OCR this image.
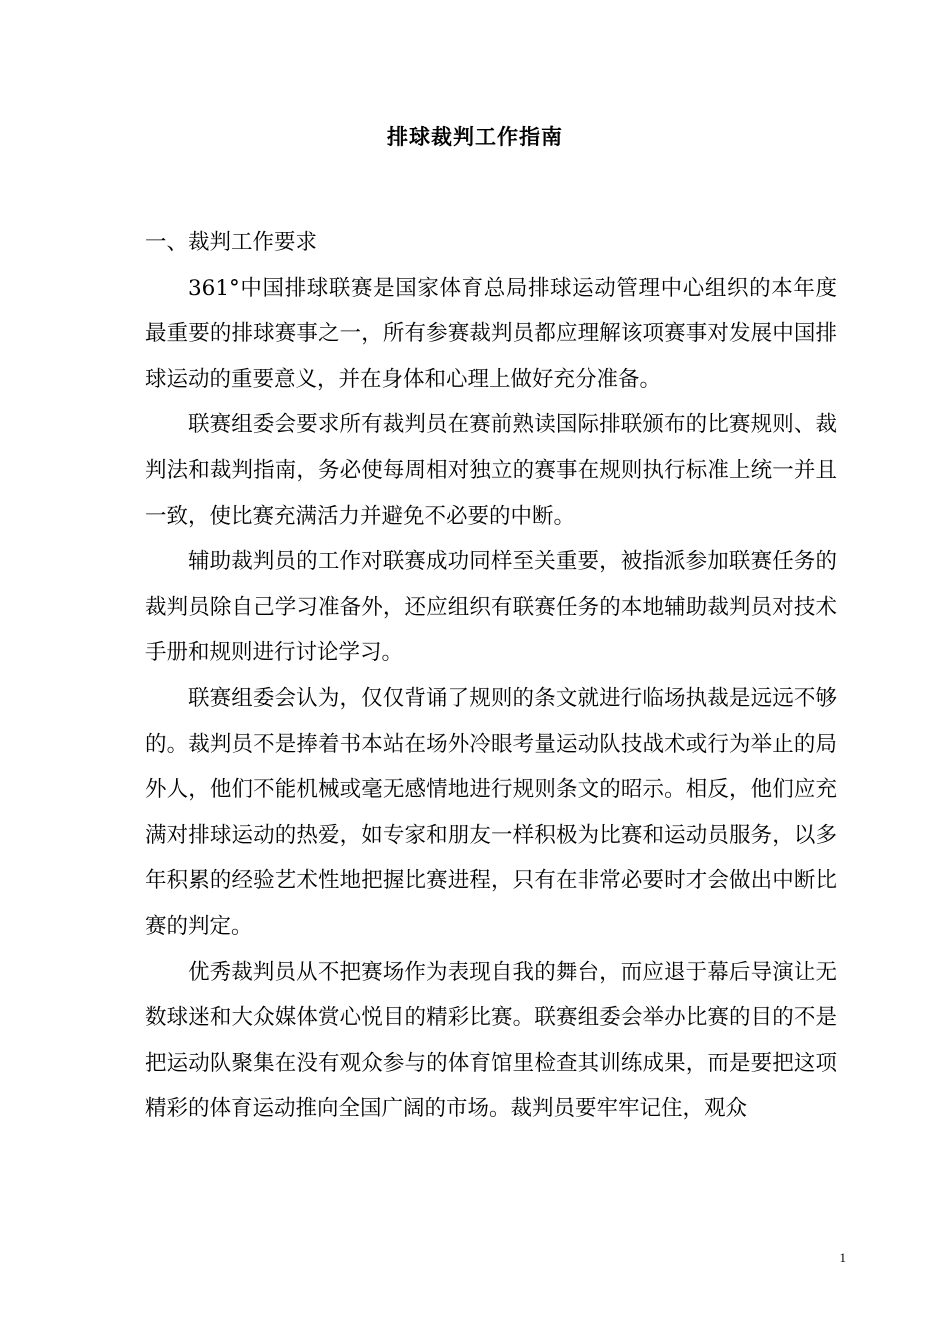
排球裁判工作指南

一、裁判工作要求

361°中国排球联赛是国家体育总局排球运动管理中心组织的本年度最重要的排球赛事之一，所有参赛裁判员都应理解该项赛事对发展中国排球运动的重要意义，并在身体和心理上做好充分准备。

联赛组委会要求所有裁判员在赛前熟读国际排联颁布的比赛规则、裁判法和裁判指南，务必使每周相对独立的赛事在规则执行标准上统一并且一致，使比赛充满活力并避免不必要的中断。

辅助裁判员的工作对联赛成功同样至关重要，被指派参加联赛任务的裁判员除自己学习准备外，还应组织有联赛任务的本地辅助裁判员对技术手册和规则进行讨论学习。

联赛组委会认为，仅仅背诵了规则的条文就进行临场执裁是远远不够的。裁判员不是捧着书本站在场外冷眼考量运动队技战术或行为举止的局外人，他们不能机械或毫无感情地进行规则条文的昭示。相反，他们应充满对排球运动的热爱，如专家和朋友一样积极为比赛和运动员服务，以多年积累的经验艺术性地把握比赛进程，只有在非常必要时才会做出中断比赛的判定。

优秀裁判员从不把赛场作为表现自我的舞台，而应退于幕后导演让无数球迷和大众媒体赏心悦目的精彩比赛。联赛组委会举办比赛的目的不是把运动队聚集在没有观众参与的体育馆里检查其训练成果，而是要把这项精彩的体育运动推向全国广阔的市场。裁判员要牢牢记住，观众

1
